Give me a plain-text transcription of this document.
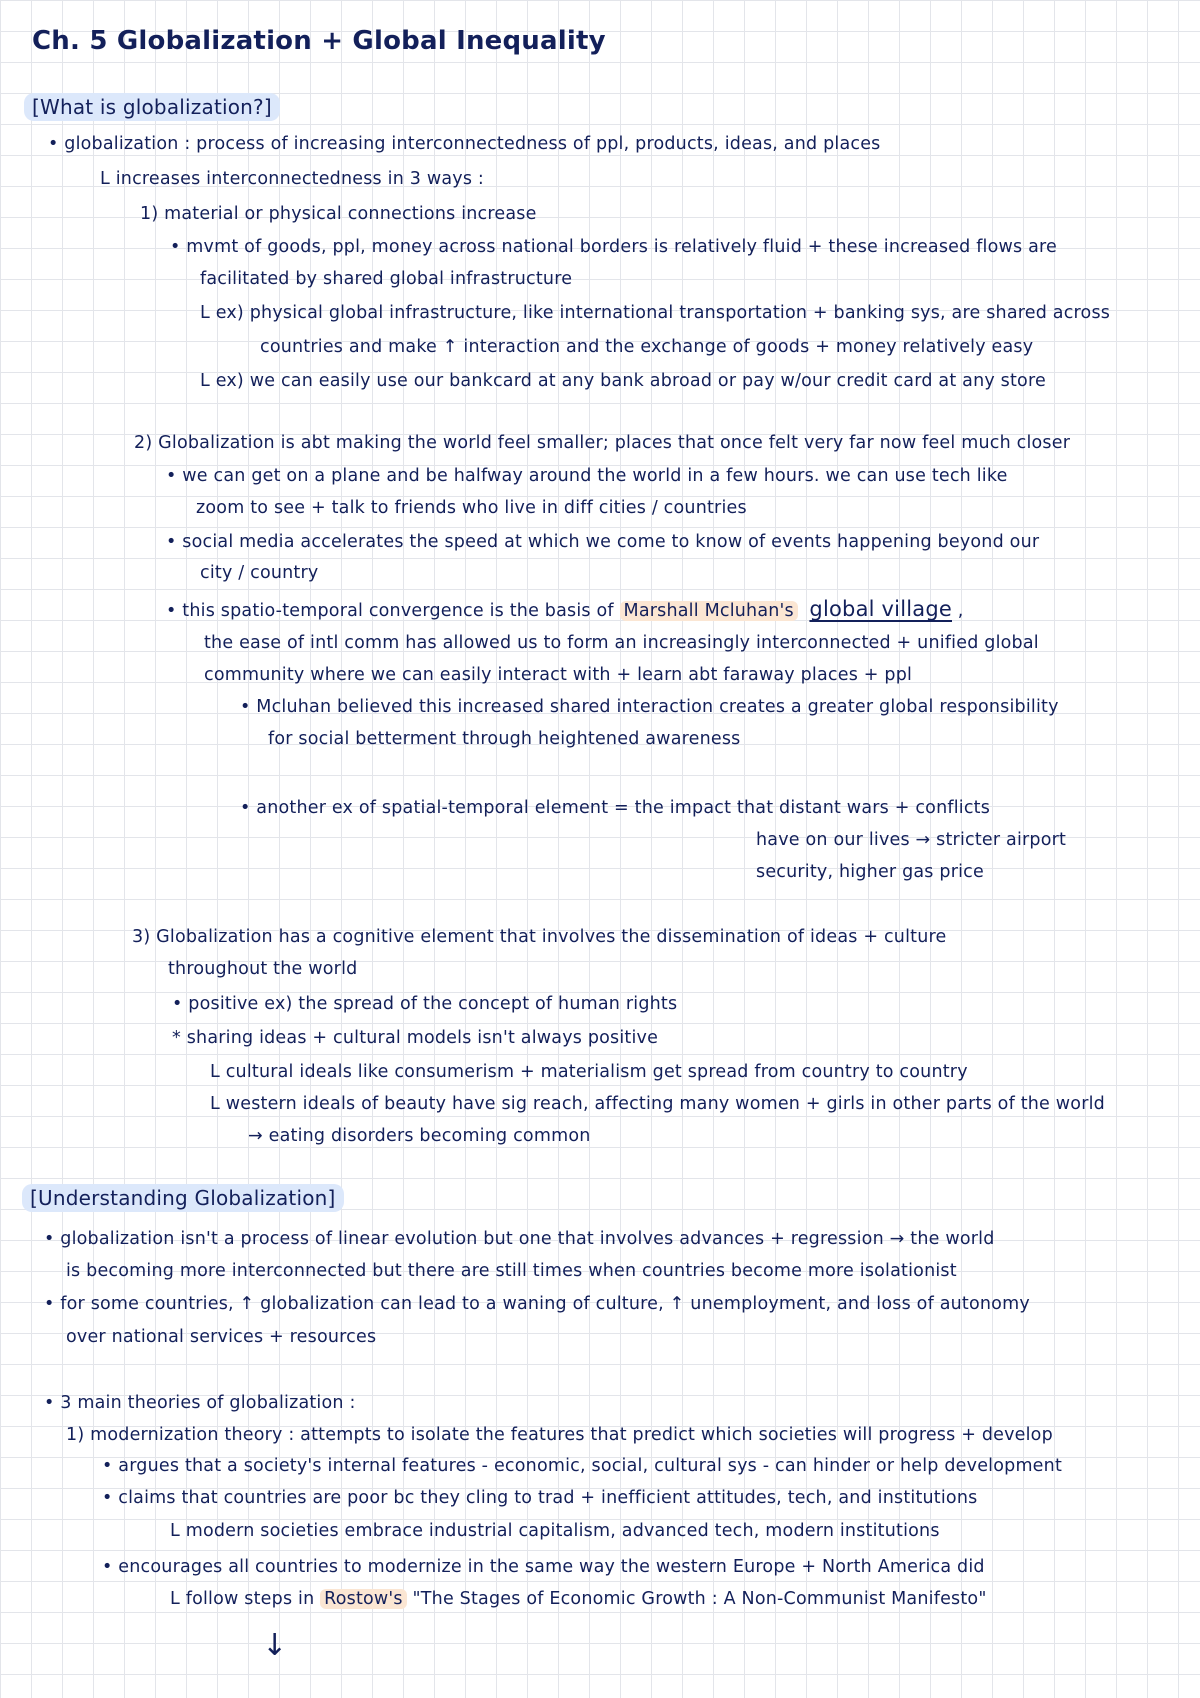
Ch. 5 Globalization + Global Inequality
[What is globalization?]
• globalization : process of increasing interconnectedness of ppl, products, ideas, and places
L increases interconnectedness in 3 ways :
1) material or physical connections increase
• mvmt of goods, ppl, money across national borders is relatively fluid + these increased flows are
facilitated by shared global infrastructure
L ex) physical global infrastructure, like international transportation + banking sys, are shared across
countries and make ↑ interaction and the exchange of goods + money relatively easy
L ex) we can easily use our bankcard at any bank abroad or pay w/our credit card at any store
2) Globalization is abt making the world feel smaller; places that once felt very far now feel much closer
• we can get on a plane and be halfway around the world in a few hours. we can use tech like
zoom to see + talk to friends who live in diff cities / countries
• social media accelerates the speed at which we come to know of events happening beyond our
city / country
• this spatio-temporal convergence is the basis of Marshall Mcluhan's global village ,
the ease of intl comm has allowed us to form an increasingly interconnected + unified global
community where we can easily interact with + learn abt faraway places + ppl
• Mcluhan believed this increased shared interaction creates a greater global responsibility
for social betterment through heightened awareness
• another ex of spatial-temporal element = the impact that distant wars + conflicts
have on our lives → stricter airport
security, higher gas price
3) Globalization has a cognitive element that involves the dissemination of ideas + culture
throughout the world
• positive ex) the spread of the concept of human rights
* sharing ideas + cultural models isn't always positive
L cultural ideals like consumerism + materialism get spread from country to country
L western ideals of beauty have sig reach, affecting many women + girls in other parts of the world
→ eating disorders becoming common
[Understanding Globalization]
• globalization isn't a process of linear evolution but one that involves advances + regression → the world
is becoming more interconnected but there are still times when countries become more isolationist
• for some countries, ↑ globalization can lead to a waning of culture, ↑ unemployment, and loss of autonomy
over national services + resources
• 3 main theories of globalization :
1) modernization theory : attempts to isolate the features that predict which societies will progress + develop
• argues that a society's internal features - economic, social, cultural sys - can hinder or help development
• claims that countries are poor bc they cling to trad + inefficient attitudes, tech, and institutions
L modern societies embrace industrial capitalism, advanced tech, modern institutions
• encourages all countries to modernize in the same way the western Europe + North America did
L follow steps in Rostow's "The Stages of Economic Growth : A Non-Communist Manifesto"
↓
